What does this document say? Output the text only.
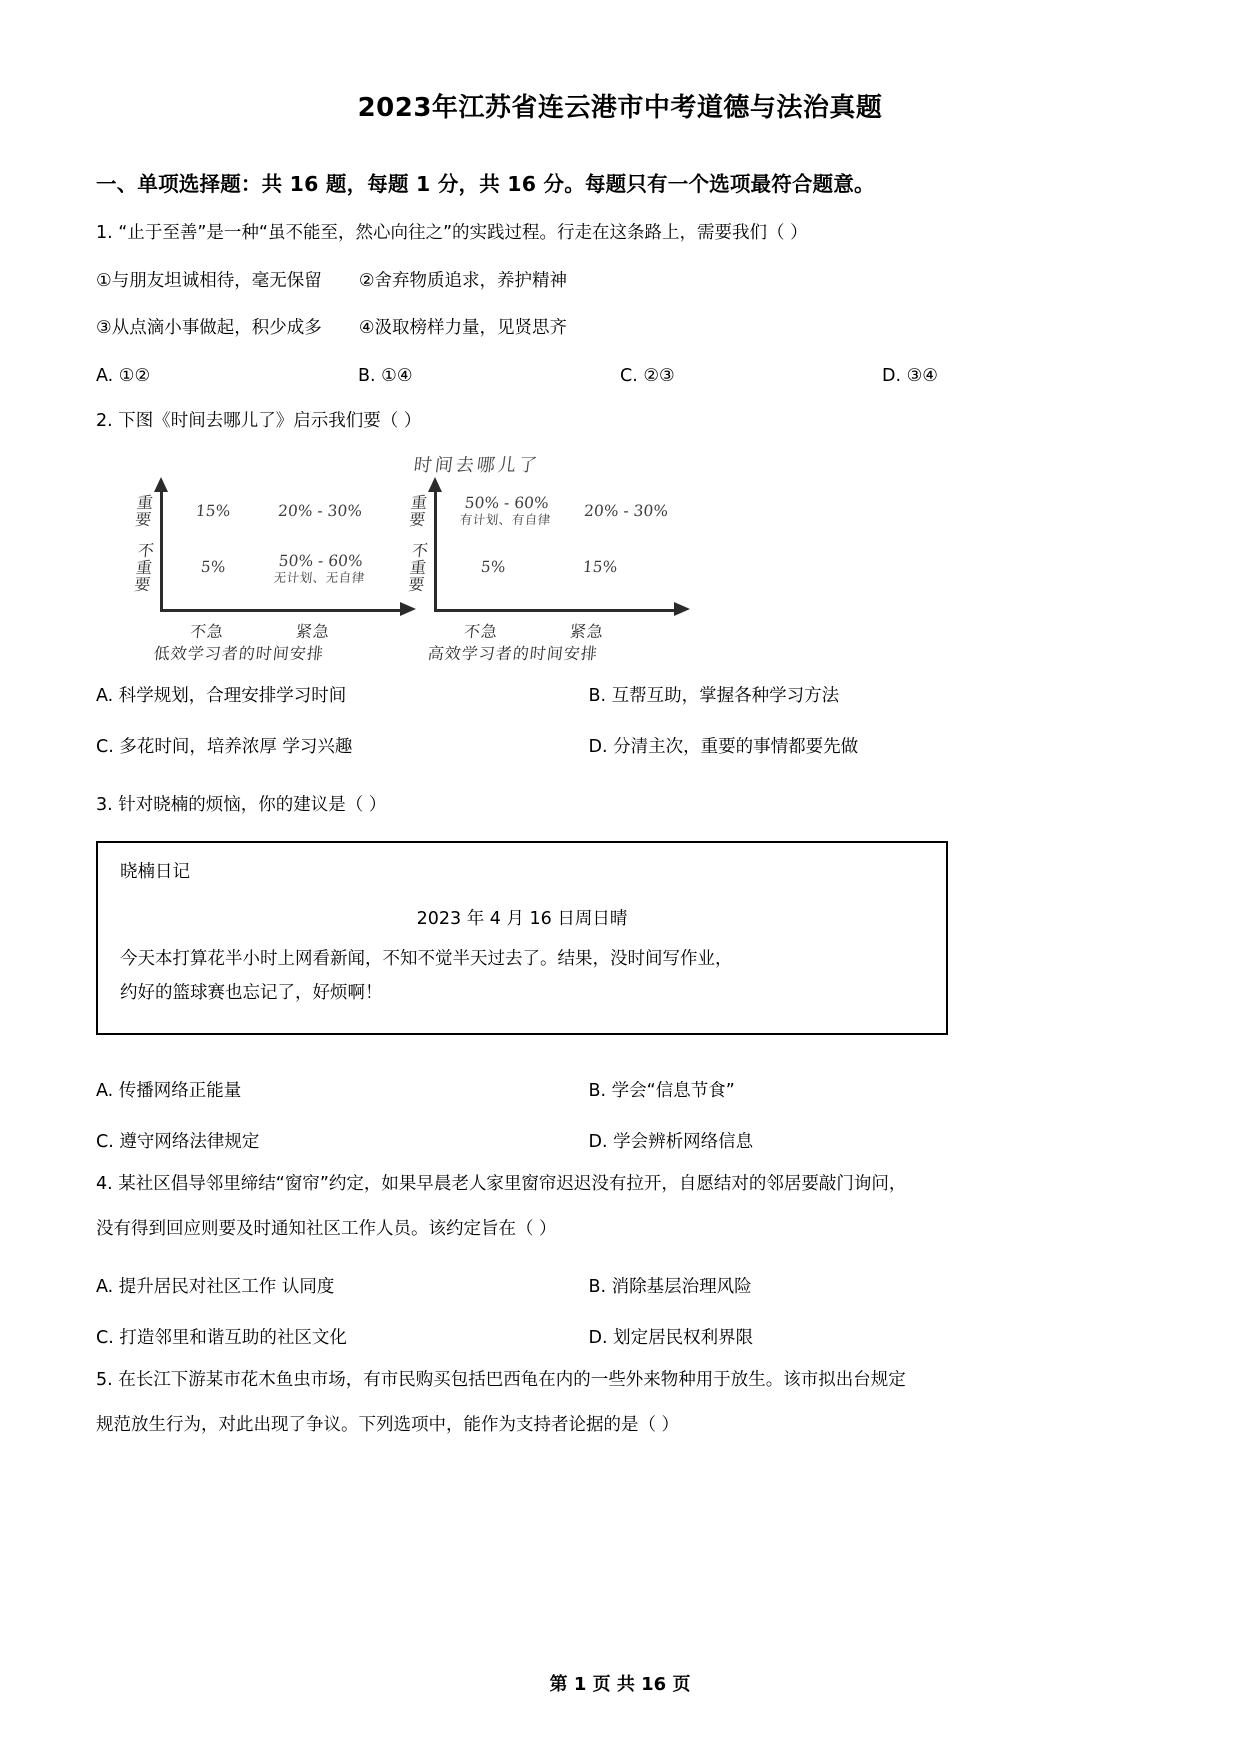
2023年江苏省连云港市中考道德与法治真题
一、单项选择题：共 16 题，每题 1 分，共 16 分。每题只有一个选项最符合题意。
1. “止于至善”是一种“虽不能至，然心向往之”的实践过程。行走在这条路上，需要我们（ ）
①与朋友坦诚相待，毫无保留 ②舍弃物质追求，养护精神
③从点滴小事做起，积少成多 ④汲取榜样力量，见贤思齐
A. ①②	B. ①④	C. ②③	D. ③④
2. 下图《时间去哪儿了》启示我们要（ ）
时间去哪儿了
重要
不重要
15%	20% - 30%
5%	50% - 60%
无计划、无自律
不急	紧急
低效学习者的时间安排
重要
不重要
50% - 60%
有计划、有自律	20% - 30%
5%	15%
不急	紧急
高效学习者的时间安排
A. 科学规划，合理安排学习时间	B. 互帮互助，掌握各种学习方法
C. 多花时间，培养浓厚 学习兴趣	D. 分清主次，重要的事情都要先做
3. 针对晓楠的烦恼，你的建议是（ ）
晓楠日记
2023 年 4 月 16 日周日晴
今天本打算花半小时上网看新闻，不知不觉半天过去了。结果，没时间写作业，
约好的篮球赛也忘记了，好烦啊！
A. 传播网络正能量	B. 学会“信息节食”
C. 遵守网络法律规定	D. 学会辨析网络信息
4. 某社区倡导邻里缔结“窗帘”约定，如果早晨老人家里窗帘迟迟没有拉开，自愿结对的邻居要敲门询问，
没有得到回应则要及时通知社区工作人员。该约定旨在（ ）
A. 提升居民对社区工作 认同度	B. 消除基层治理风险
C. 打造邻里和谐互助的社区文化	D. 划定居民权利界限
5. 在长江下游某市花木鱼虫市场，有市民购买包括巴西龟在内的一些外来物种用于放生。该市拟出台规定
规范放生行为，对此出现了争议。下列选项中，能作为支持者论据的是（ ）
第 1 页 共 16 页
